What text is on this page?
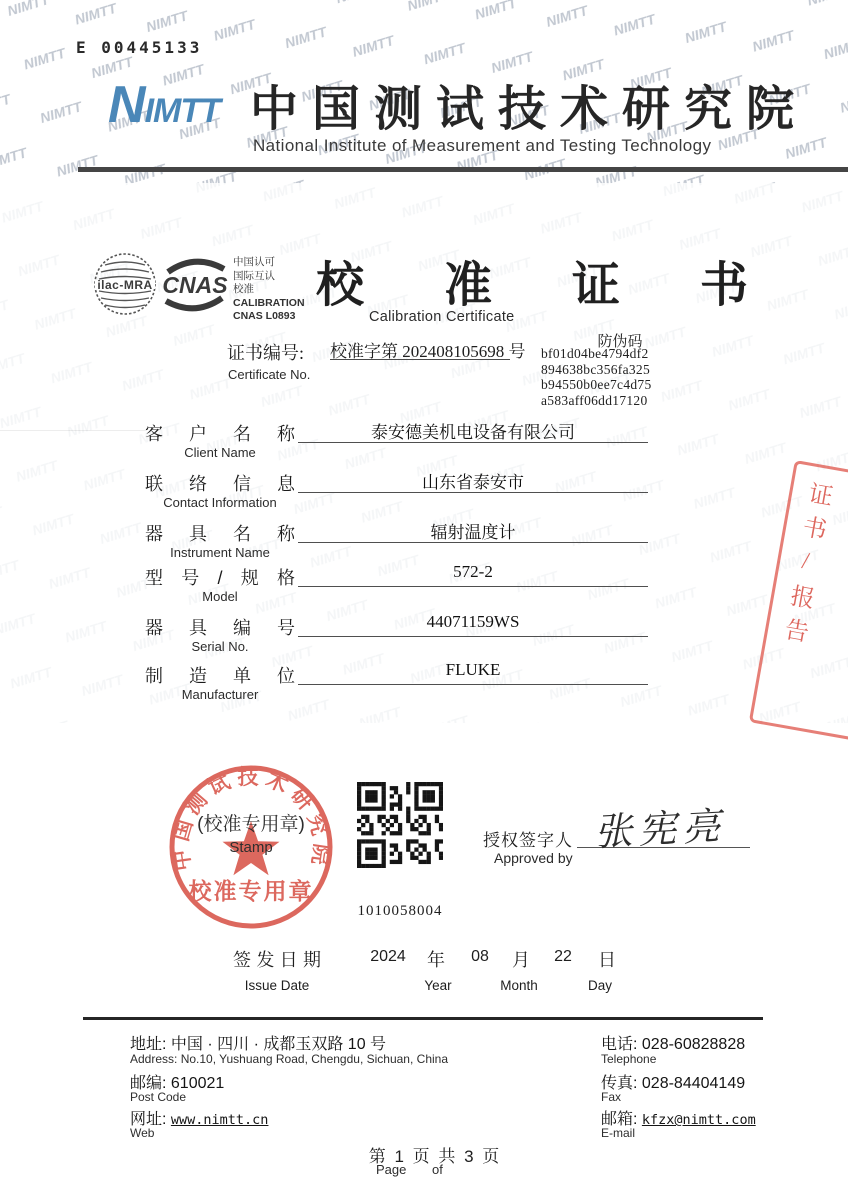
E 00445133
NIMTT 中国测试技术研究院
National Institute of Measurement and Testing Technology
ilac-MRA CNAS
中国认可
国际互认
校准
CALIBRATION
CNAS L0893
校准证书
Calibration Certificate
证书编号: 校准字第 202408105698 号
Certificate No.
防伪码
bf01d04be4794df2
894638bc356fa325
b94550b0ee7c4d75
a583aff06dd17120
客户名称
Client Name
泰安德美机电设备有限公司
联络信息
Contact Information
山东省泰安市
器具名称
Instrument Name
辐射温度计
型号/规格
Model
572-2
器具编号
Serial No.
44071159WS
制造单位
Manufacturer
FLUKE
中国测试技术研究院
校准专用章
(校准专用章)
Stamp
1010058004
授权签字人
Approved by
张宪亮
签发日期
Issue Date
2024	年	08	月	22	日
Year	Month	Day
地址: 中国 · 四川 · 成都玉双路 10 号
Address: No.10, Yushuang Road, Chengdu, Sichuan, China
邮编: 610021
Post Code
网址: www.nimtt.cn
Web
电话: 028-60828828
Telephone
传真: 028-84404149
Fax
邮箱: kfzx@nimtt.com
E-mail
第 1 页 共 3 页
Page of
证书/报告
